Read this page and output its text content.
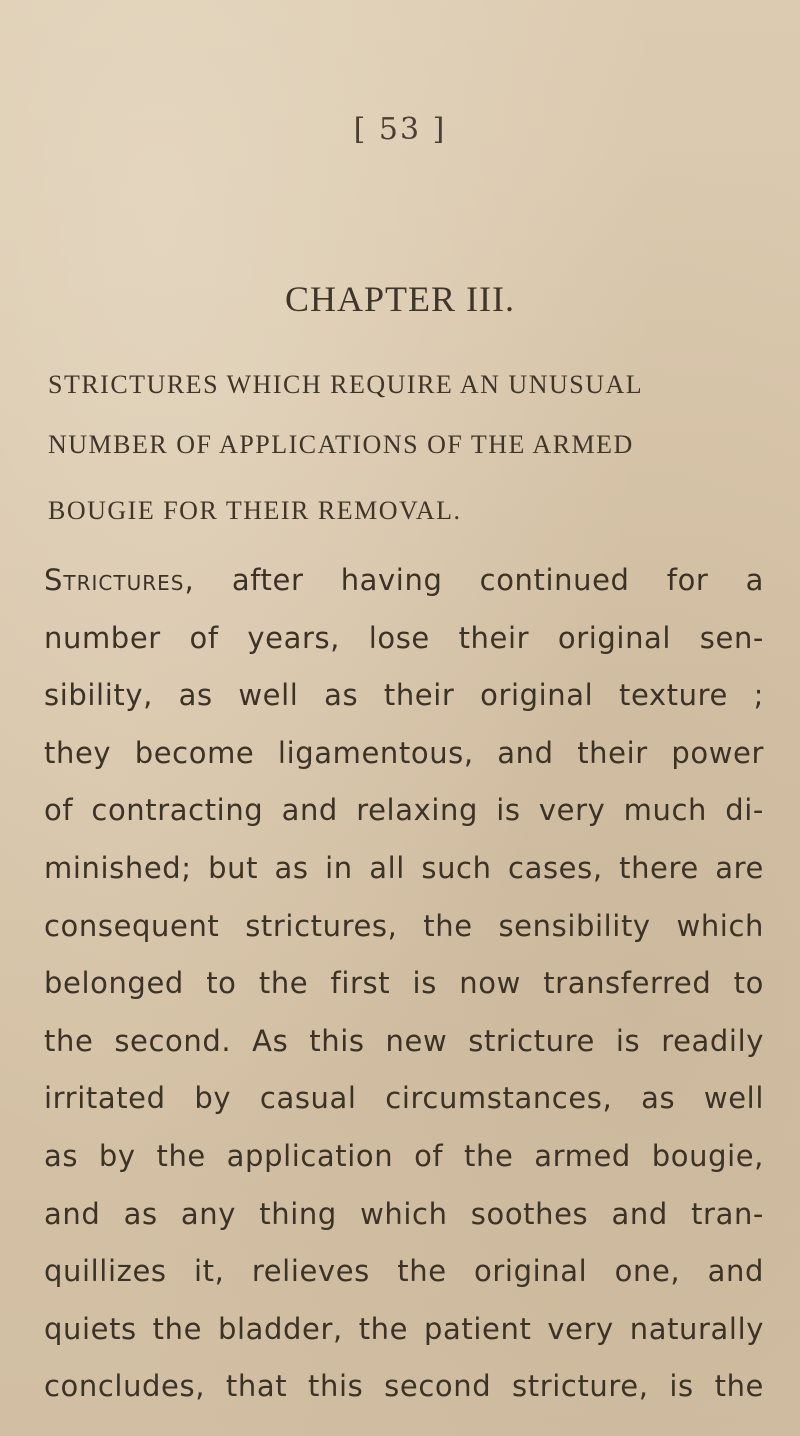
[ 53 ]
CHAPTER III.
STRICTURES WHICH REQUIRE AN UNUSUAL
NUMBER OF APPLICATIONS OF THE ARMED
BOUGIE FOR THEIR REMOVAL.
Strictures, after having continued for a
number of years, lose their original sen-
sibility, as well as their original texture ;
they become ligamentous, and their power
of contracting and relaxing is very much di-
minished; but as in all such cases, there are
consequent strictures, the sensibility which
belonged to the first is now transferred to
the second. As this new stricture is readily
irritated by casual circumstances, as well
as by the application of the armed bougie,
and as any thing which soothes and tran-
quillizes it, relieves the original one, and
quiets the bladder, the patient very naturally
concludes, that this second stricture, is the
